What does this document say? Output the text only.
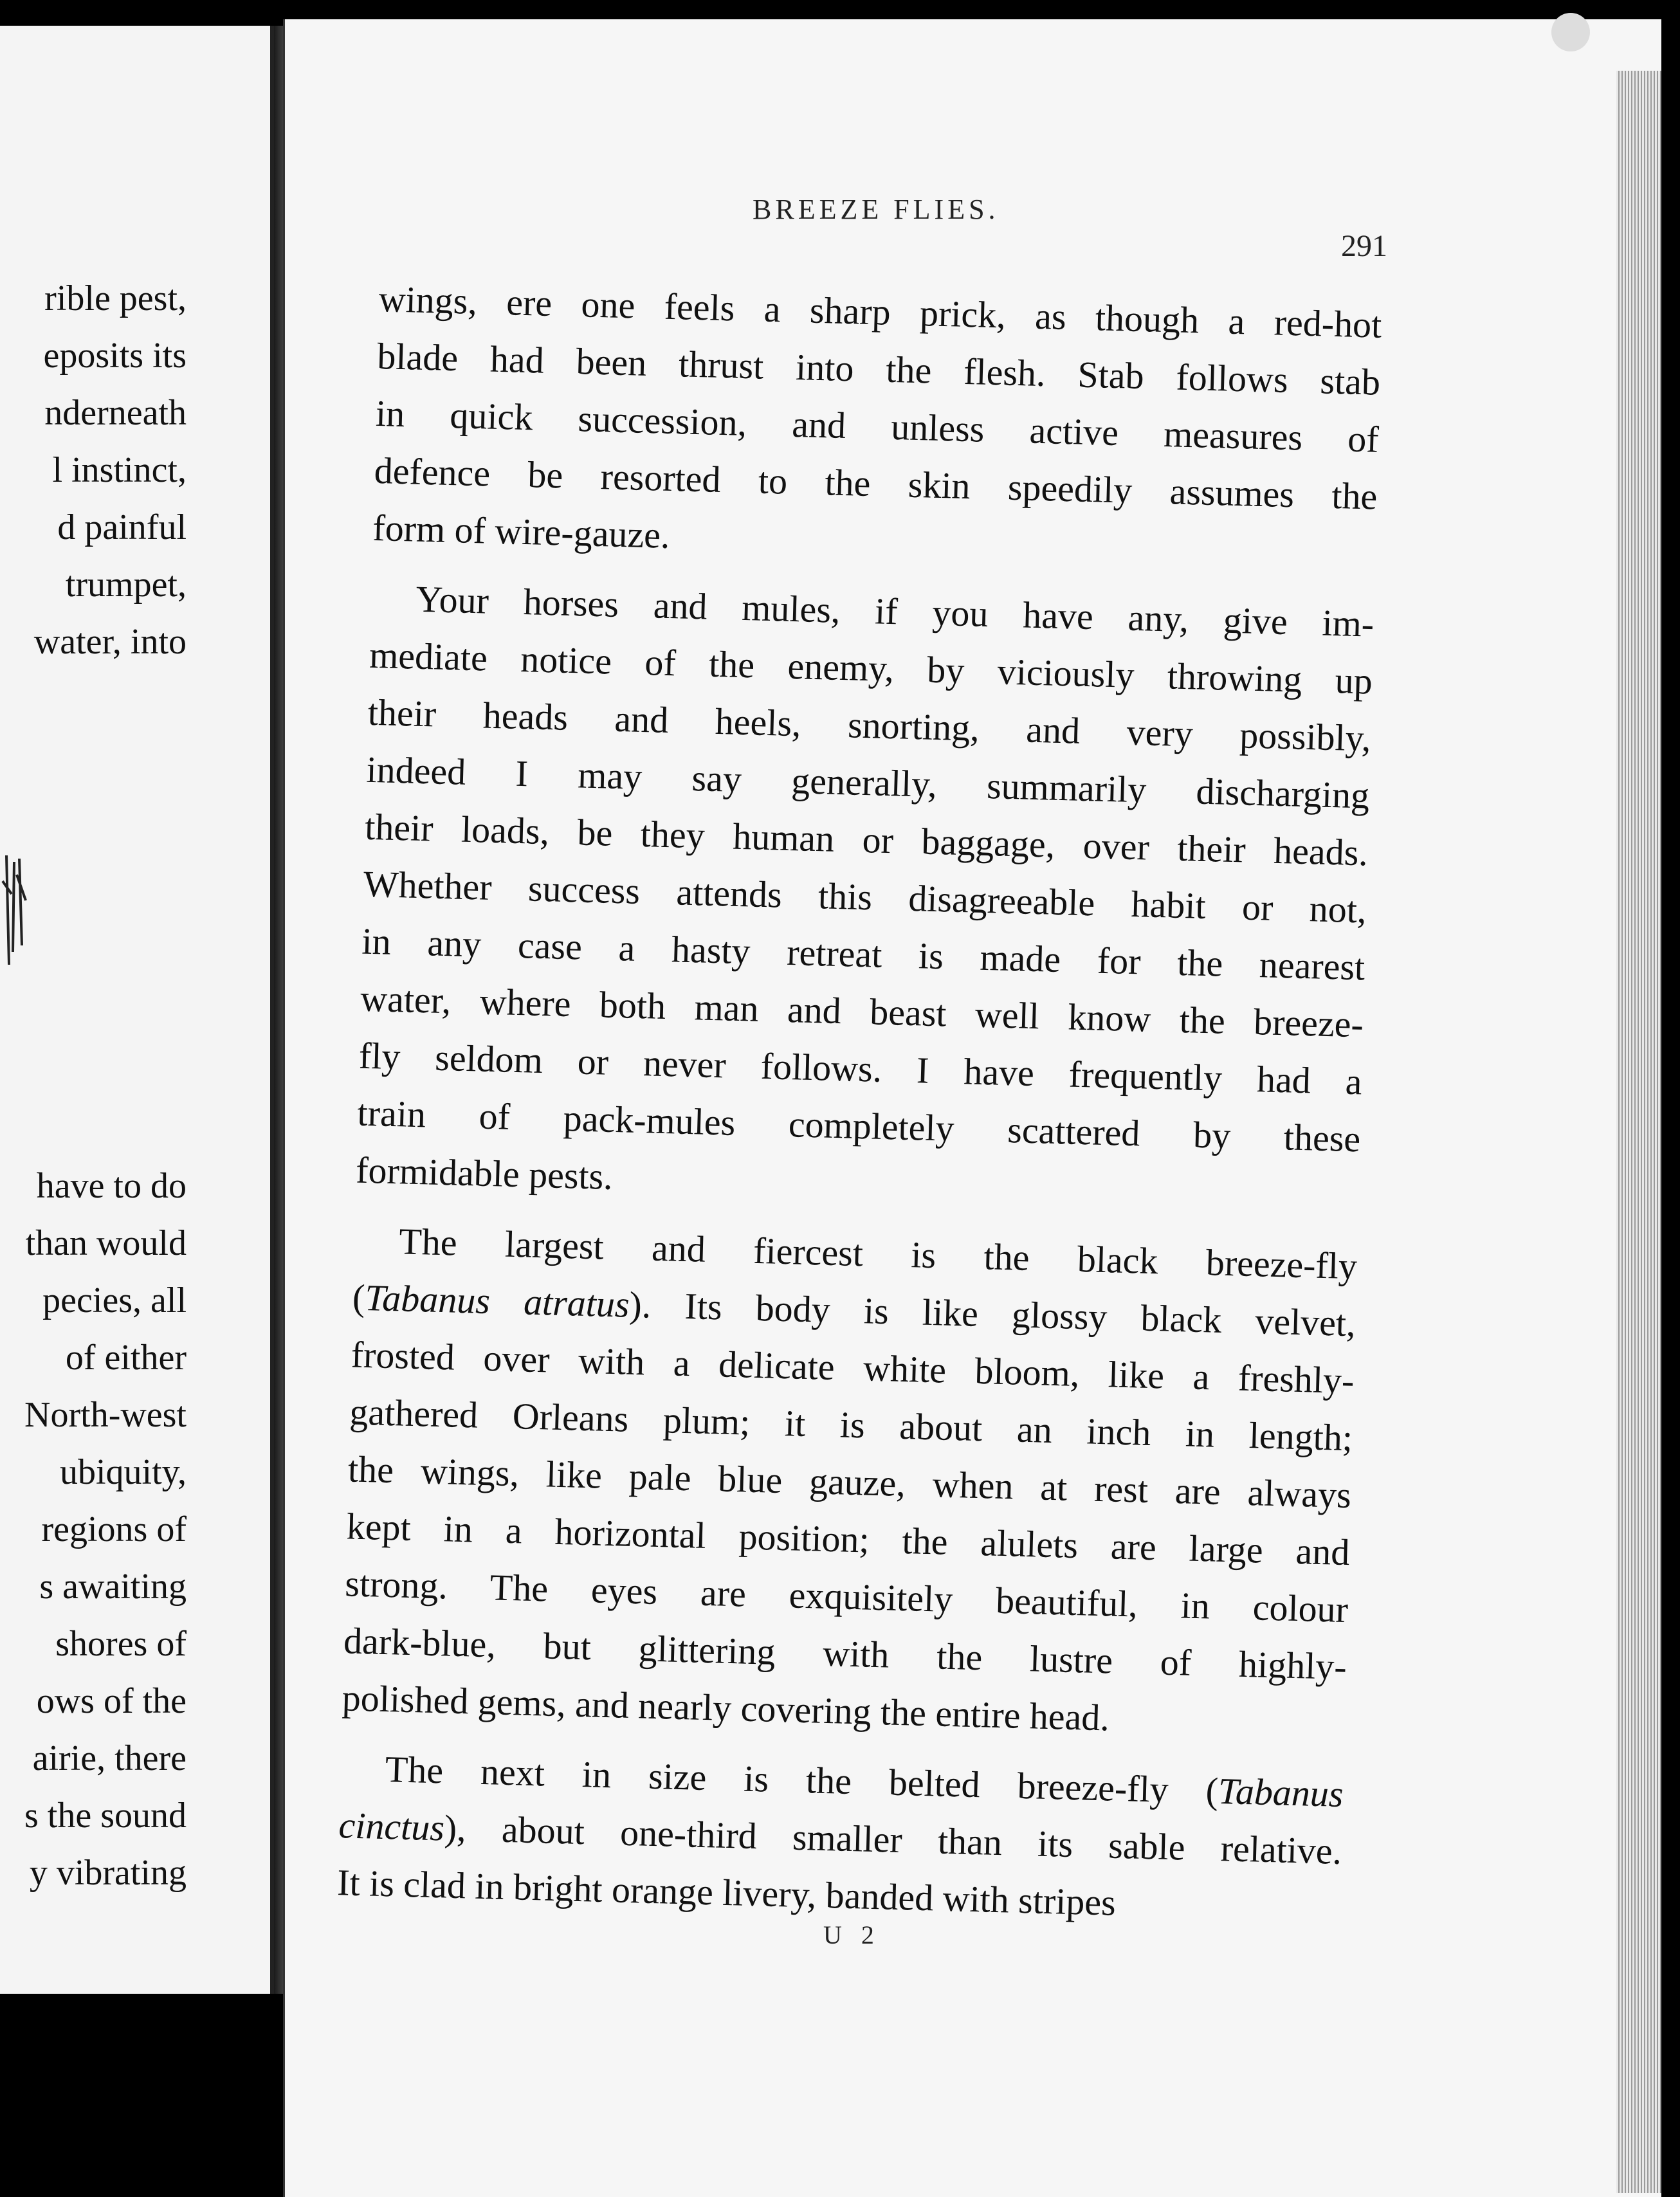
rible pest,
eposits its
nderneath
l instinct,
d painful
trumpet,
water, into
have to do
than would
pecies, all
of either
North-west
ubiquity,
regions of
s awaiting
shores of
ows of the
airie, there
s the sound
y vibrating
BREEZE FLIES.
291
wings, ere one feels a sharp prick, as though a red-hot
blade had been thrust into the flesh. Stab follows stab
in quick succession, and unless active measures of
defence be resorted to the skin speedily assumes the
form of wire-gauze.
Your horses and mules, if you have any, give im-
mediate notice of the enemy, by viciously throwing up
their heads and heels, snorting, and very possibly,
indeed I may say generally, summarily discharging
their loads, be they human or baggage, over their heads.
Whether success attends this disagreeable habit or not,
in any case a hasty retreat is made for the nearest
water, where both man and beast well know the breeze-
fly seldom or never follows. I have frequently had a
train of pack-mules completely scattered by these
formidable pests.
The largest and fiercest is the black breeze-fly
(Tabanus atratus). Its body is like glossy black velvet,
frosted over with a delicate white bloom, like a freshly-
gathered Orleans plum; it is about an inch in length;
the wings, like pale blue gauze, when at rest are always
kept in a horizontal position; the alulets are large and
strong. The eyes are exquisitely beautiful, in colour
dark-blue, but glittering with the lustre of highly-
polished gems, and nearly covering the entire head.
The next in size is the belted breeze-fly (Tabanus
cinctus), about one-third smaller than its sable relative.
It is clad in bright orange livery, banded with stripes
U 2
